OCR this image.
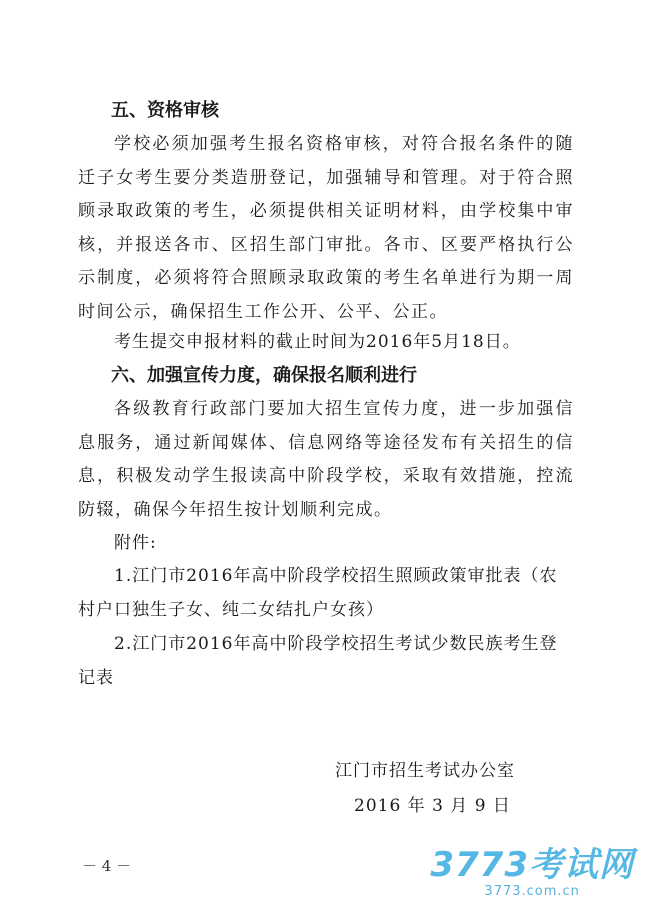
五、资格审核

学校必须加强考生报名资格审核，对符合报名条件的随迁子女考生要分类造册登记，加强辅导和管理。对于符合照顾录取政策的考生，必须提供相关证明材料，由学校集中审核，并报送各市、区招生部门审批。各市、区要严格执行公示制度，必须将符合照顾录取政策的考生名单进行为期一周时间公示，确保招生工作公开、公平、公正。

考生提交申报材料的截止时间为2016年5月18日。
六、加强宣传力度，确保报名顺利进行

各级教育行政部门要加大招生宣传力度，进一步加强信息服务，通过新闻媒体、信息网络等途径发布有关招生的信息，积极发动学生报读高中阶段学校，采取有效措施，控流防辍，确保今年招生按计划顺利完成。

附件:
1.江门市2016年高中阶段学校招生照顾政策审批表（农村户口独生子女、纯二女结扎户女孩）
2.江门市2016年高中阶段学校招生考试少数民族考生登记表
江门市招生考试办公室
2016 年 3 月 9 日
－ 4 －	3773考试网
3773.com.cn
